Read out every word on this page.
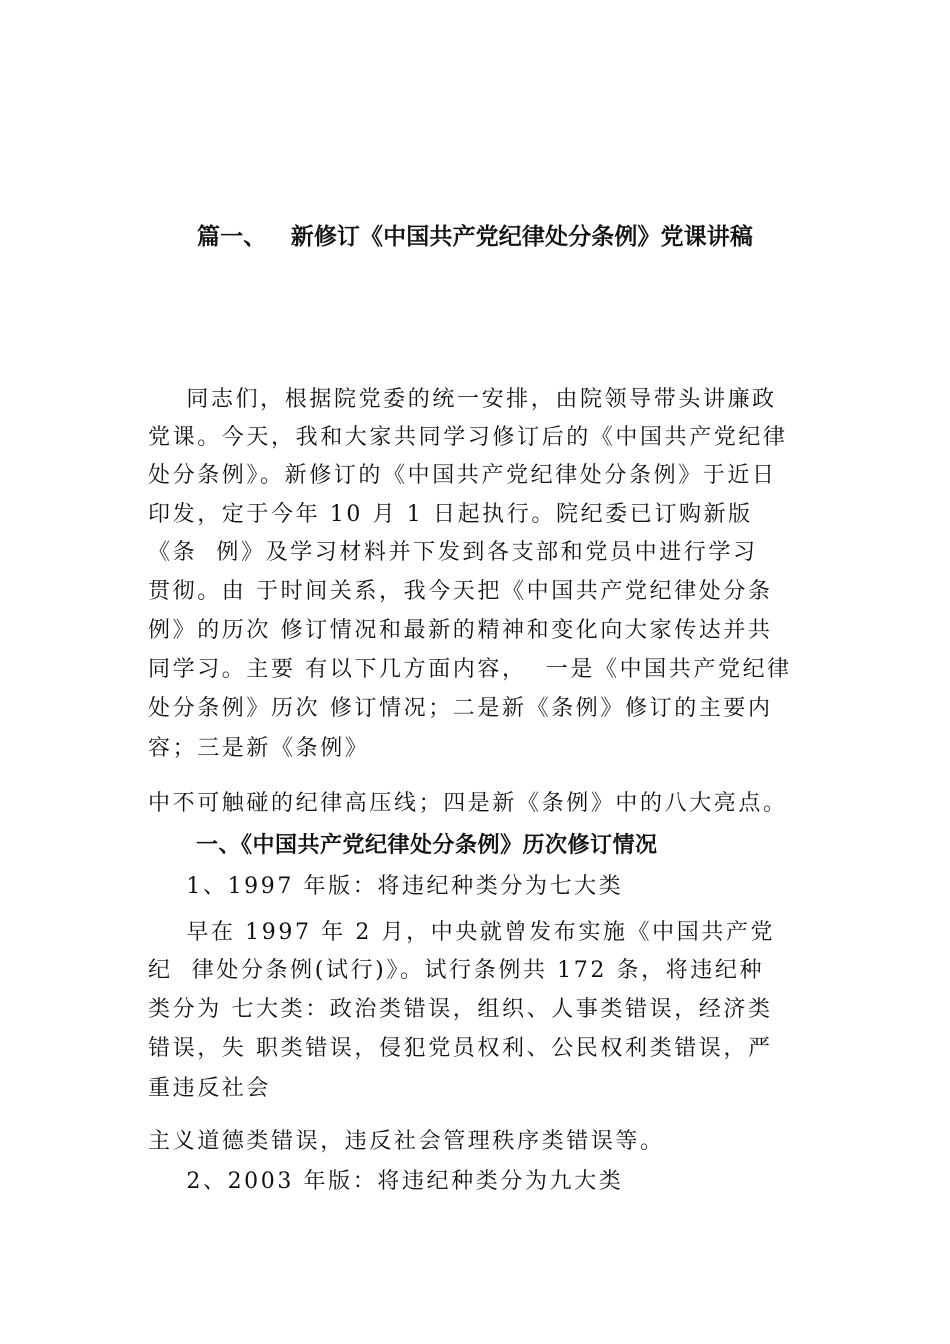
篇一、   新修订《中国共产党纪律处分条例》党课讲稿
同志们，根据院党委的统一安排，由院领导带头讲廉政
党课。今天，我和大家共同学习修订后的《中国共产党纪律
处分条例》。新修订的《中国共产党纪律处分条例》于近日
印发，定于今年 10 月 1 日起执行。院纪委已订购新版
《条  例》及学习材料并下发到各支部和党员中进行学习
贯彻。由 于时间关系，我今天把《中国共产党纪律处分条
例》的历次 修订情况和最新的精神和变化向大家传达并共
同学习。主要 有以下几方面内容，  一是《中国共产党纪律
处分条例》历次 修订情况；二是新《条例》修订的主要内
容；三是新《条例》
中不可触碰的纪律高压线；四是新《条例》中的八大亮点。
一、《中国共产党纪律处分条例》历次修订情况
1、1997 年版：将违纪种类分为七大类
早在 1997 年 2 月，中央就曾发布实施《中国共产党
纪  律处分条例(试行)》。试行条例共 172 条，将违纪种
类分为 七大类：政治类错误，组织、人事类错误，经济类
错误，失 职类错误，侵犯党员权利、公民权利类错误，严
重违反社会
主义道德类错误，违反社会管理秩序类错误等。
2、2003 年版：将违纪种类分为九大类
